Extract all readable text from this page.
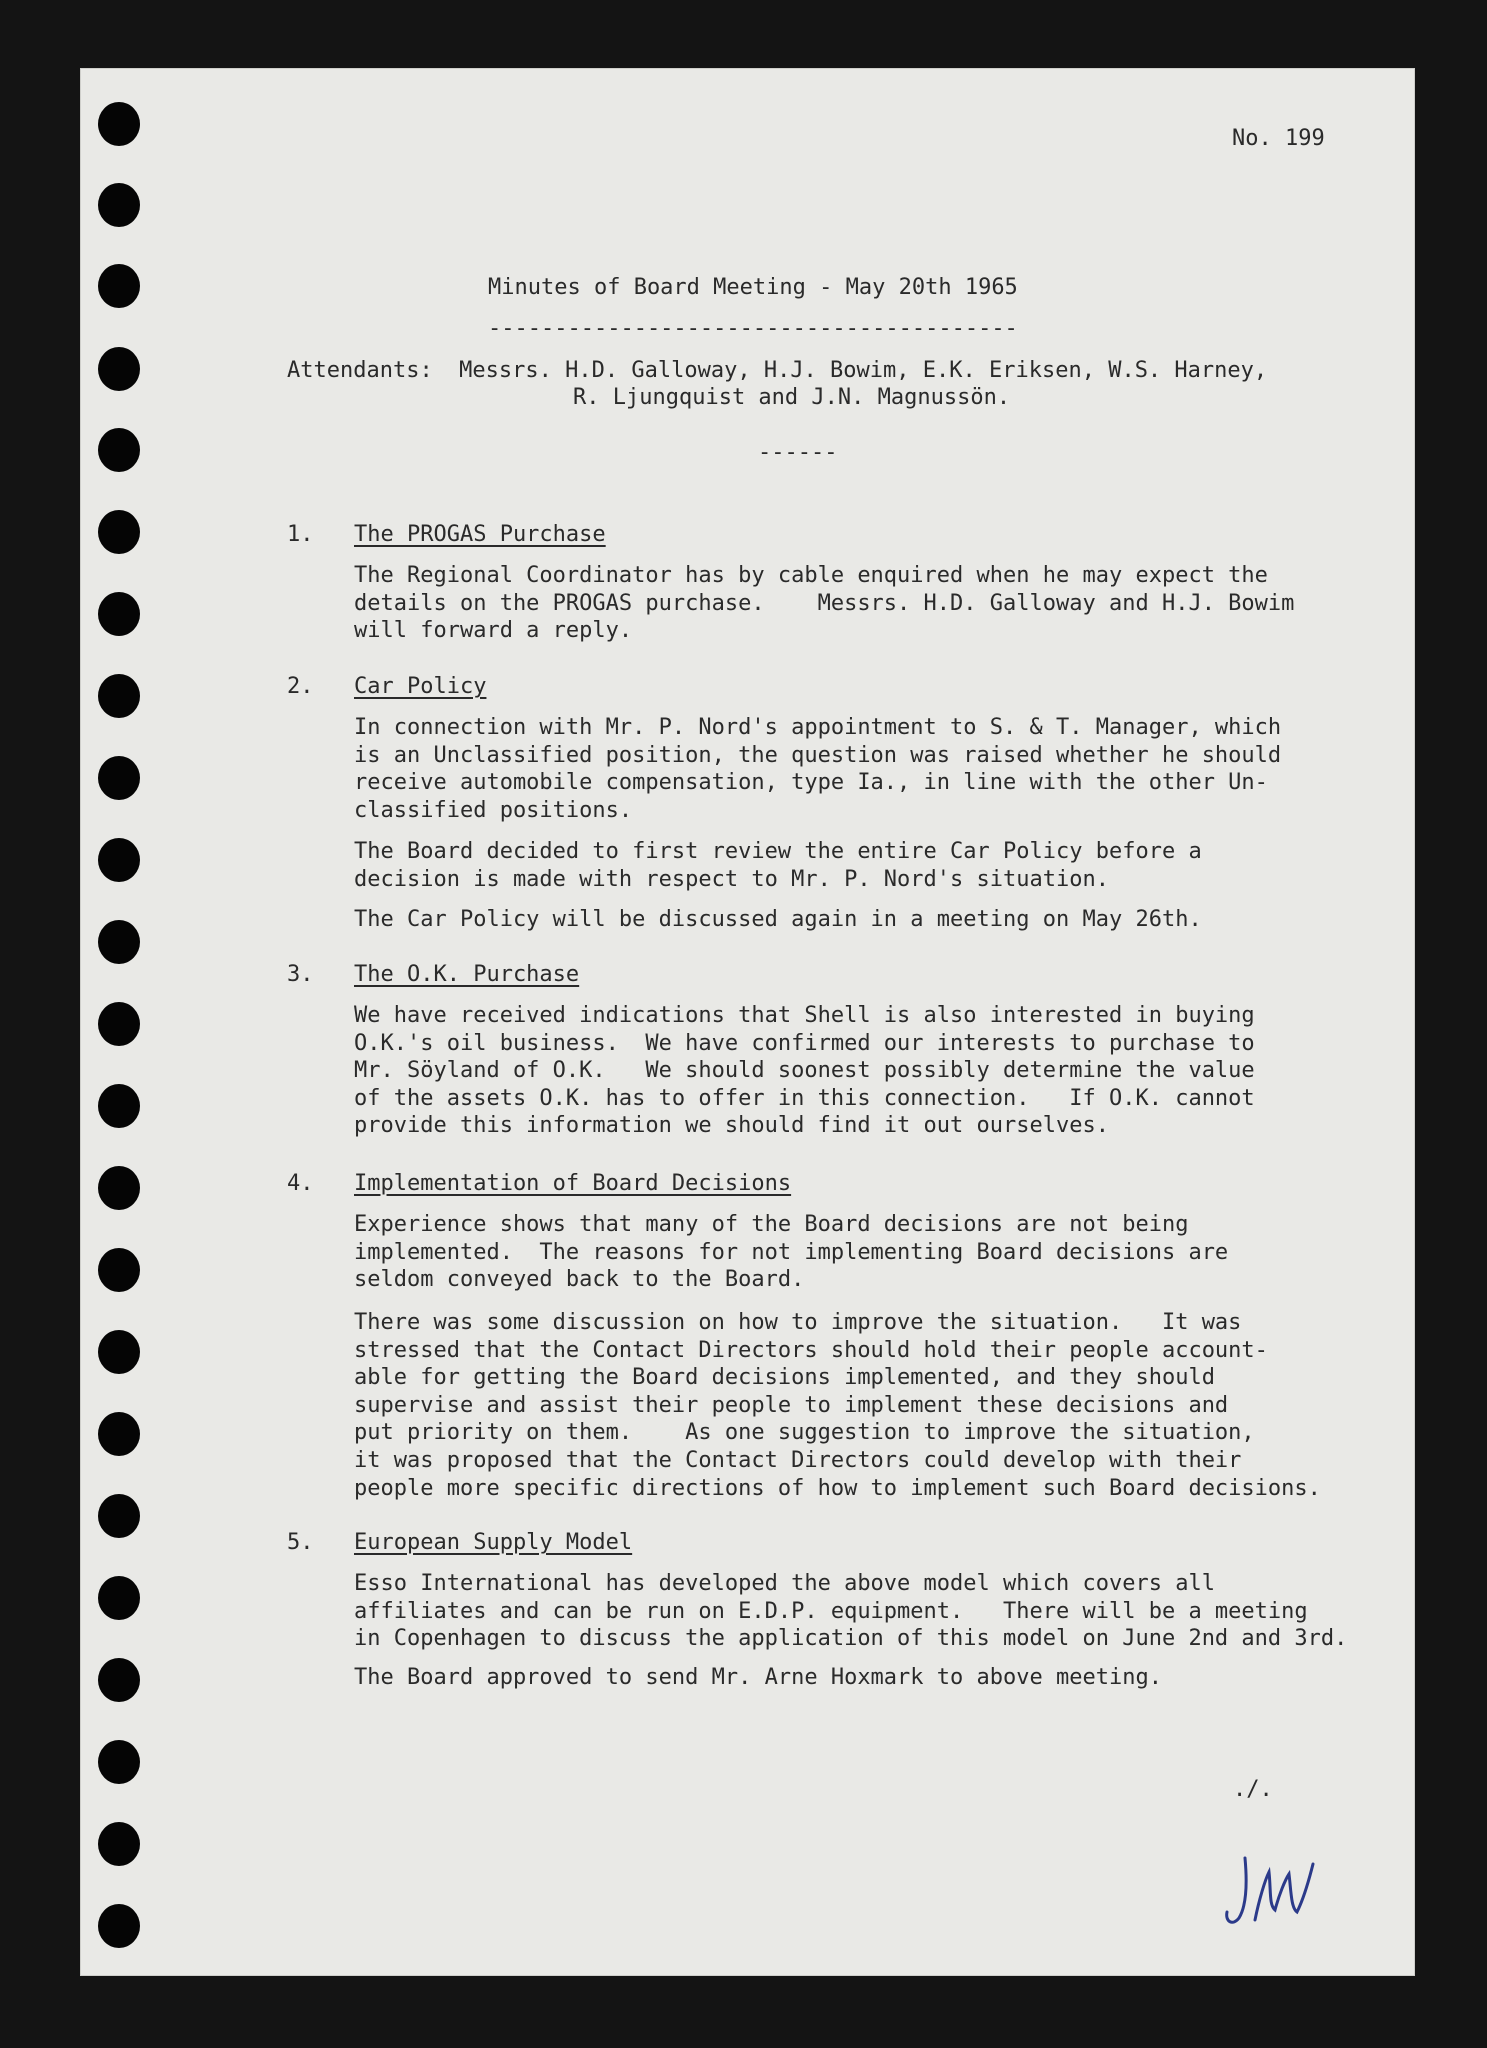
No. 199
Minutes of Board Meeting - May 20th 1965
----------------------------------------
Attendants:  Messrs. H.D. Galloway, H.J. Bowim, E.K. Eriksen, W.S. Harney,
R. Ljungquist and J.N. Magnussön.
------
1. The PROGAS Purchase
The Regional Coordinator has by cable enquired when he may expect the
details on the PROGAS purchase.    Messrs. H.D. Galloway and H.J. Bowim
will forward a reply.
2. Car Policy
In connection with Mr. P. Nord's appointment to S. & T. Manager, which
is an Unclassified position, the question was raised whether he should
receive automobile compensation, type Ia., in line with the other Un-
classified positions.
The Board decided to first review the entire Car Policy before a
decision is made with respect to Mr. P. Nord's situation.
The Car Policy will be discussed again in a meeting on May 26th.
3. The O.K. Purchase
We have received indications that Shell is also interested in buying
O.K.'s oil business.  We have confirmed our interests to purchase to
Mr. Söyland of O.K.   We should soonest possibly determine the value
of the assets O.K. has to offer in this connection.   If O.K. cannot
provide this information we should find it out ourselves.
4. Implementation of Board Decisions
Experience shows that many of the Board decisions are not being
implemented.  The reasons for not implementing Board decisions are
seldom conveyed back to the Board.
There was some discussion on how to improve the situation.   It was
stressed that the Contact Directors should hold their people account-
able for getting the Board decisions implemented, and they should
supervise and assist their people to implement these decisions and
put priority on them.    As one suggestion to improve the situation,
it was proposed that the Contact Directors could develop with their
people more specific directions of how to implement such Board decisions.
5. European Supply Model
Esso International has developed the above model which covers all
affiliates and can be run on E.D.P. equipment.   There will be a meeting
in Copenhagen to discuss the application of this model on June 2nd and 3rd.
The Board approved to send Mr. Arne Hoxmark to above meeting.
./.
